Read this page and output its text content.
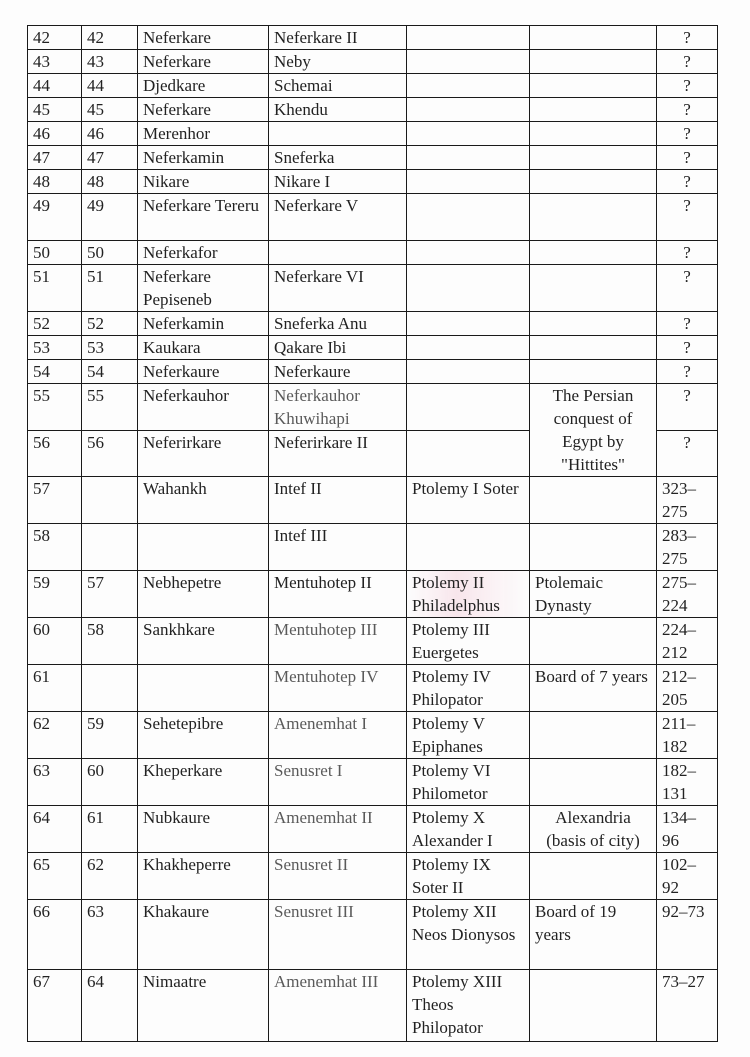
42	42	Neferkare	Neferkare II			?
43	43	Neferkare	Neby			?
44	44	Djedkare	Schemai			?
45	45	Neferkare	Khendu			?
46	46	Merenhor				?
47	47	Neferkamin	Sneferka			?
48	48	Nikare	Nikare I			?
49	49	Neferkare Tereru	Neferkare V			?
50	50	Neferkafor				?
51	51	Neferkare Pepiseneb	Neferkare VI			?
52	52	Neferkamin	Sneferka Anu			?
53	53	Kaukara	Qakare Ibi			?
54	54	Neferkaure	Neferkaure			?
55	55	Neferkauhor	Neferkauhor Khuwihapi		The Persian conquest of Egypt by "Hittites"	?
56	56	Neferirkare	Neferirkare II			?
57		Wahankh	Intef II	Ptolemy I Soter		323– 275
58			Intef III			283– 275
59	57	Nebhepetre	Mentuhotep II	Ptolemy II Philadelphus	Ptolemaic Dynasty	275– 224
60	58	Sankhkare	Mentuhotep III	Ptolemy III Euergetes		224– 212
61			Mentuhotep IV	Ptolemy IV Philopator	Board of 7 years	212– 205
62	59	Sehetepibre	Amenemhat I	Ptolemy V Epiphanes		211– 182
63	60	Kheperkare	Senusret I	Ptolemy VI Philometor		182– 131
64	61	Nubkaure	Amenemhat II	Ptolemy X Alexander I	Alexandria (basis of city)	134– 96
65	62	Khakheperre	Senusret II	Ptolemy IX Soter II		102– 92
66	63	Khakaure	Senusret III	Ptolemy XII Neos Dionysos	Board of 19 years	92–73
67	64	Nimaatre	Amenemhat III	Ptolemy XIII Theos Philopator		73–27
